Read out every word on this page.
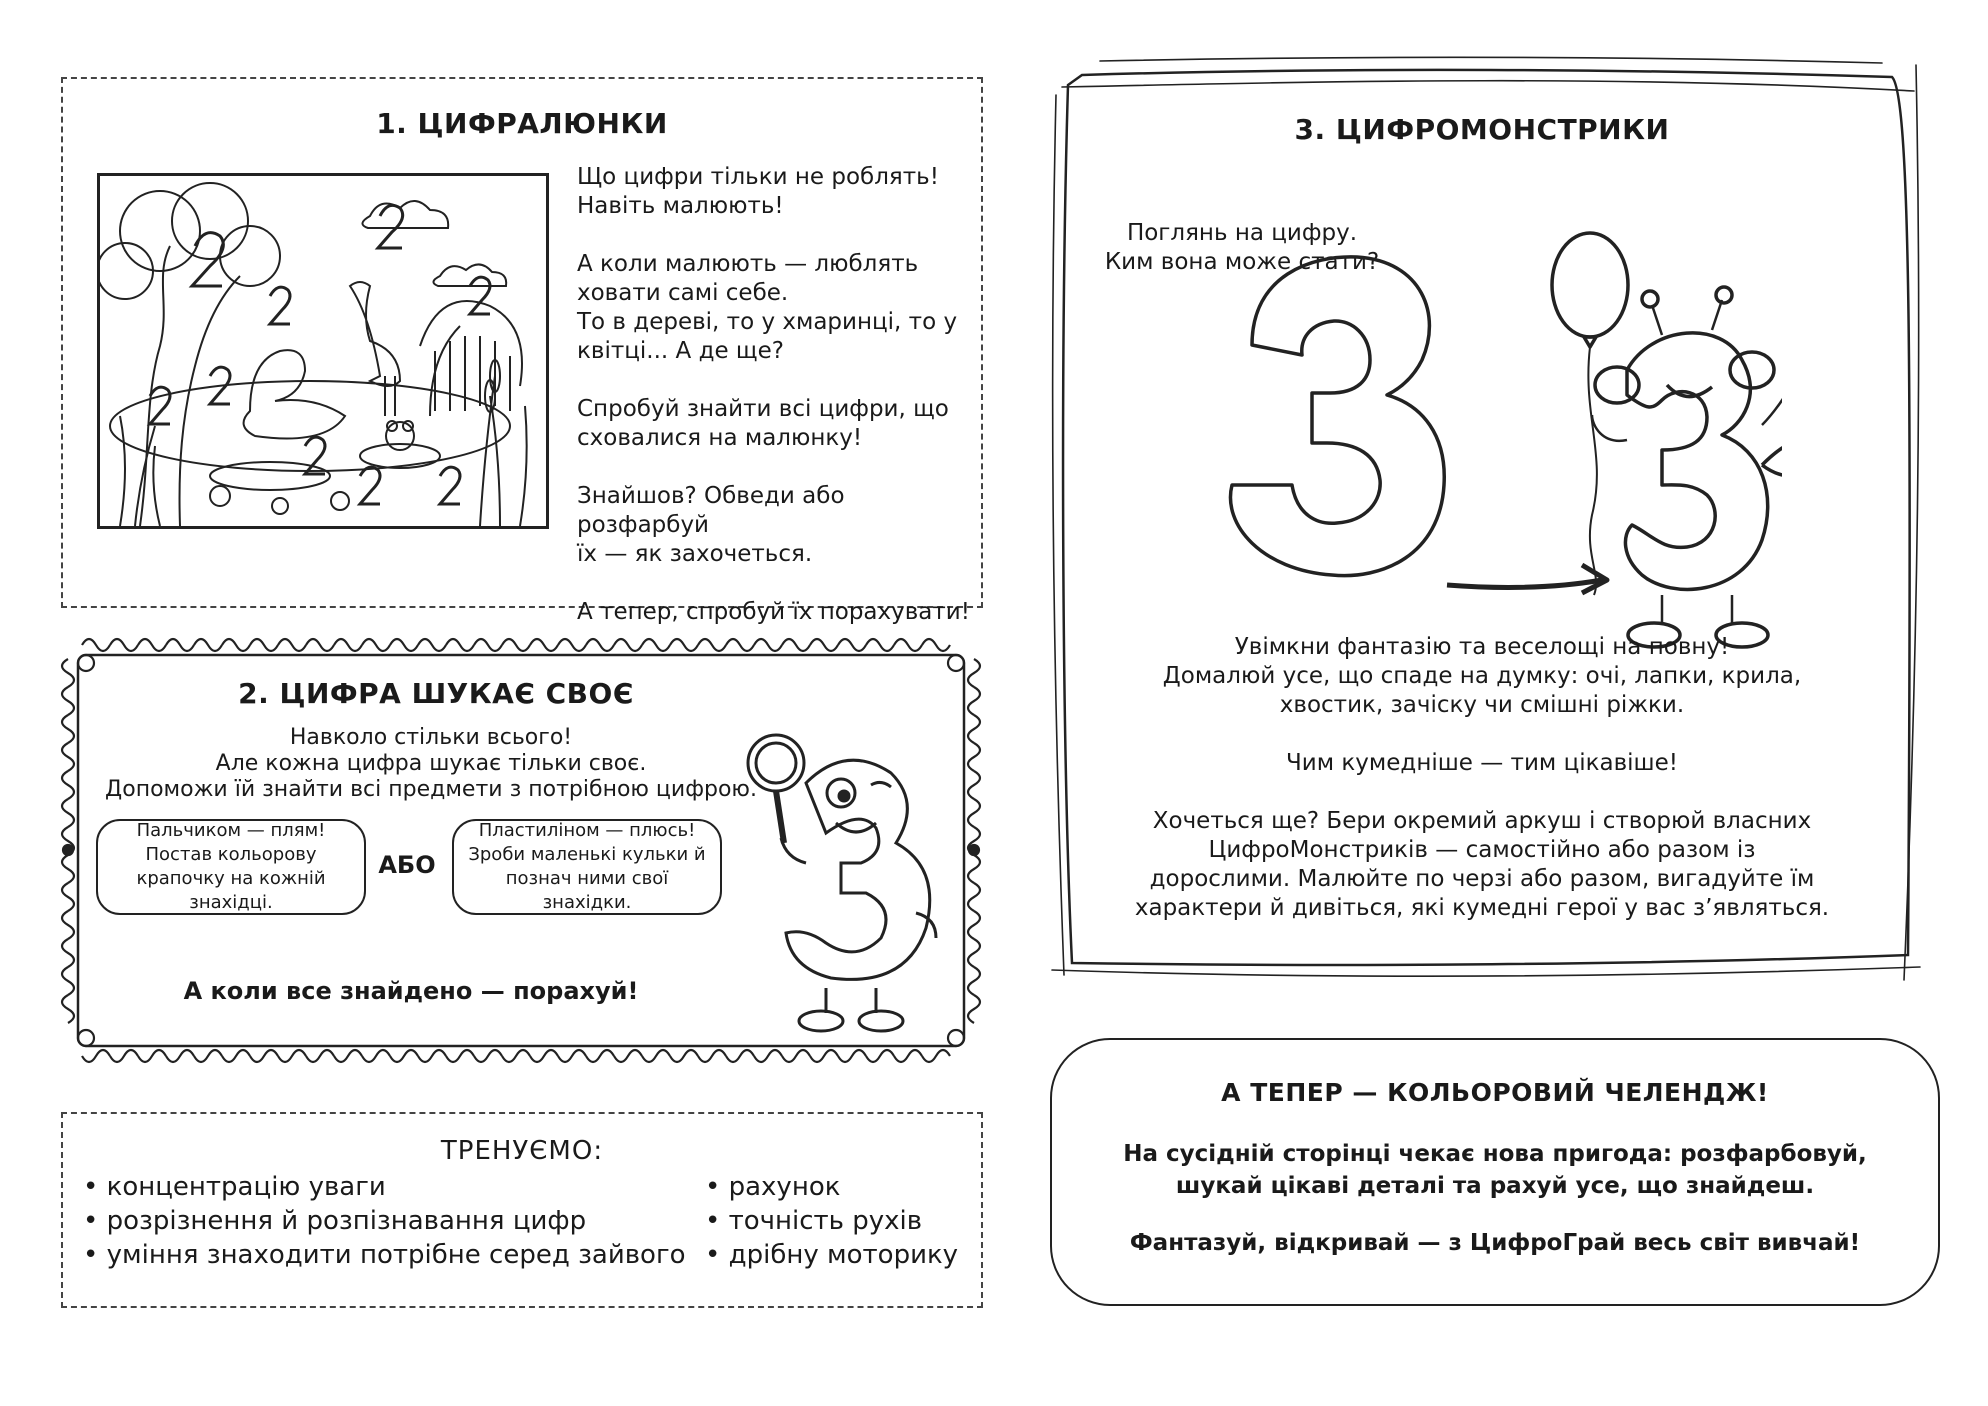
1. ЦИФРАЛЮНКИ

Що цифри тільки не роблять!
Навіть малюють!

А коли малюють — люблять
ховати самі себе.
То в дереві, то у хмаринці, то у
квітці... А де ще?

Спробуй знайти всі цифри, що
сховалися на малюнку!

Знайшов? Обведи або розфарбуй
їх — як захочеться.

А тепер, спробуй їх порахувати!

2. ЦИФРА ШУКАЄ СВОЄ
Навколо стільки всього!
Але кожна цифра шукає тільки своє.
Допоможи їй знайти всі предмети з потрібною цифрою.
Пальчиком — плям!
Постав кольорову
крапочку на кожній
знахідці.
АБО
Пластиліном — плюсь!
Зроби маленькі кульки й
познач ними свої
знахідки.
А коли все знайдено — порахуй!
ТРЕНУЄМО:
• концентрацію уваги
• розрізнення й розпізнавання цифр
• уміння знаходити потрібне серед зайвого
• рахунок
• точність рухів
• дрібну моторику
3. ЦИФРОМОНСТРИКИ
Поглянь на цифру.
Ким вона може стати?

Увімкни фантазію та веселощі на повну!
Домалюй усе, що спаде на думку: очі, лапки, крила,
хвостик, зачіску чи смішні ріжки.

Чим кумедніше — тим цікавіше!

Хочеться ще? Бери окремий аркуш і створюй власних
ЦифроМонстриків — самостійно або разом із
дорослими. Малюйте по черзі або разом, вигадуйте їм
характери й дивіться, які кумедні герої у вас з’являться.

А ТЕПЕР — КОЛЬОРОВИЙ ЧЕЛЕНДЖ!
На сусідній сторінці чекає нова пригода: розфарбовуй,
шукай цікаві деталі та рахуй усе, що знайдеш.
Фантазуй, відкривай — з ЦифроГрай весь світ вивчай!
